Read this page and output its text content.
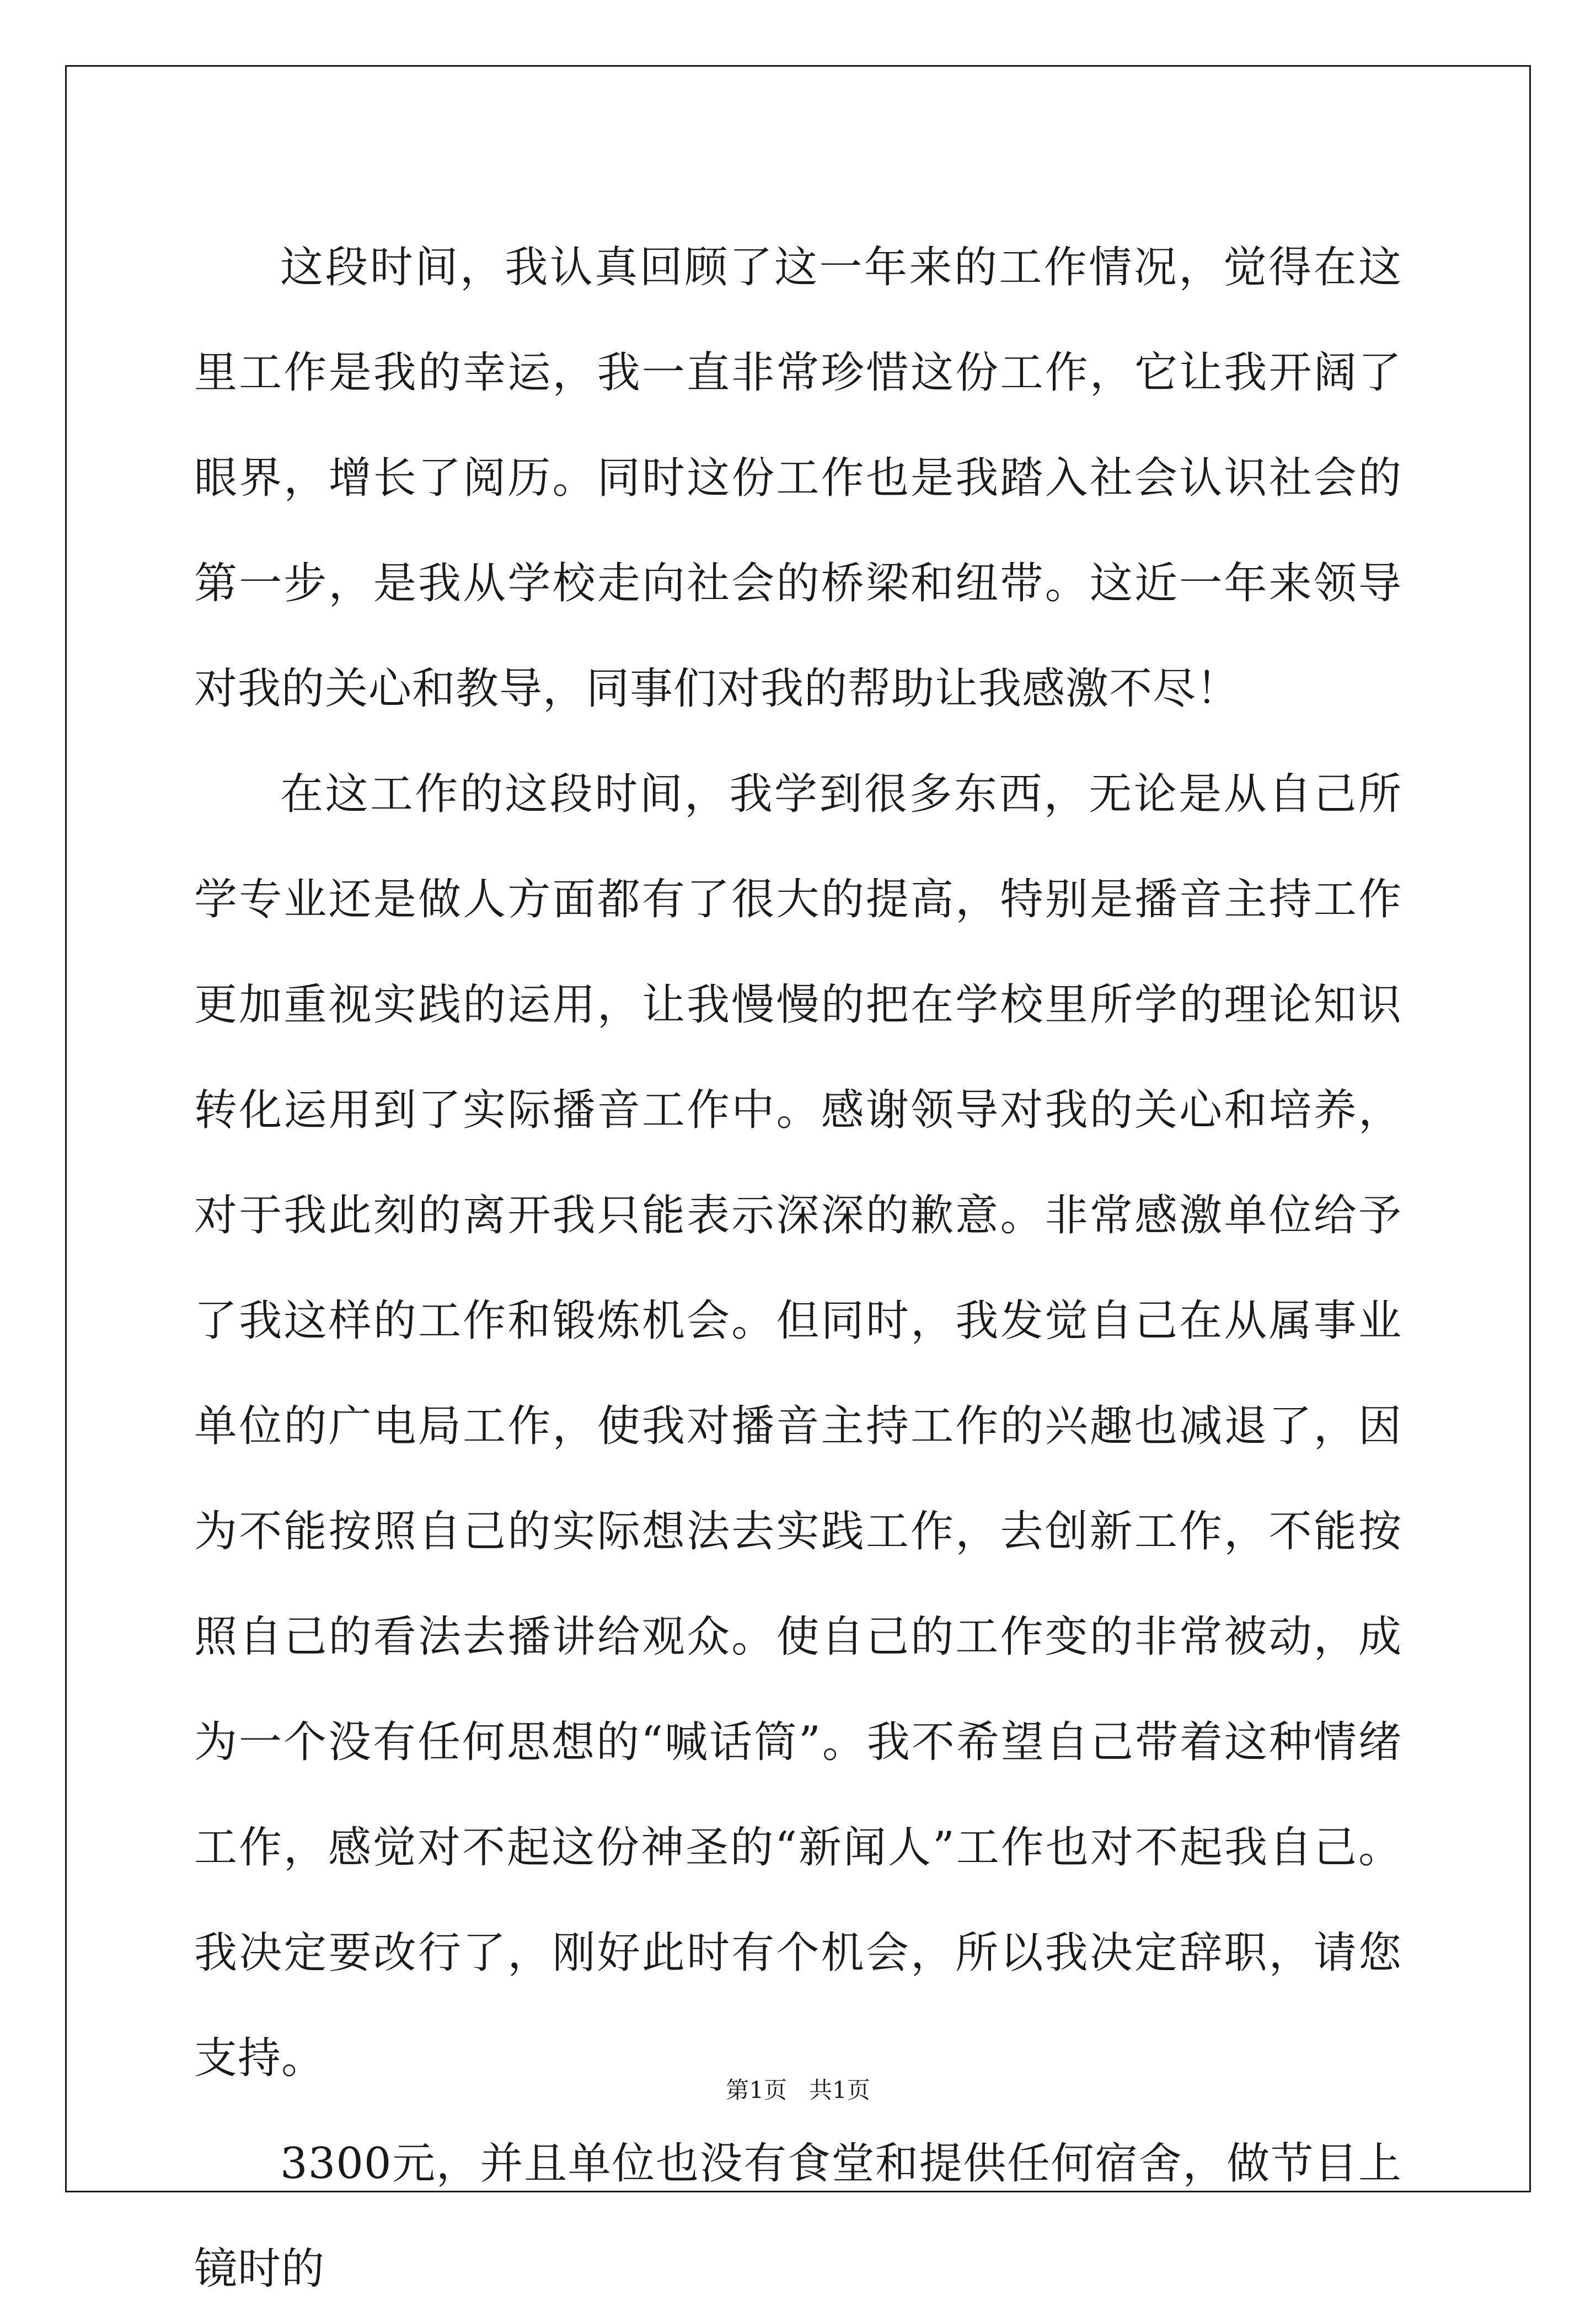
这段时间，我认真回顾了这一年来的工作情况，觉得在这里工作是我的幸运，我一直非常珍惜这份工作，它让我开阔了眼界，增长了阅历。同时这份工作也是我踏入社会认识社会的第一步，是我从学校走向社会的桥梁和纽带。这近一年来领导对我的关心和教导，同事们对我的帮助让我感激不尽！

在这工作的这段时间，我学到很多东西，无论是从自己所学专业还是做人方面都有了很大的提高，特别是播音主持工作更加重视实践的运用，让我慢慢的把在学校里所学的理论知识转化运用到了实际播音工作中。感谢领导对我的关心和培养，对于我此刻的离开我只能表示深深的歉意。非常感激单位给予了我这样的工作和锻炼机会。但同时，我发觉自己在从属事业单位的广电局工作，使我对播音主持工作的兴趣也减退了，因为不能按照自己的实际想法去实践工作，去创新工作，不能按照自己的看法去播讲给观众。使自己的工作变的非常被动，成为一个没有任何思想的“喊话筒”。我不希望自己带着这种情绪工作，感觉对不起这份神圣的“新闻人”工作也对不起我自己。我决定要改行了，刚好此时有个机会，所以我决定辞职，请您支持。

3300元，并且单位也没有食堂和提供任何宿舍，做节目上镜时的

第1页 共1页
